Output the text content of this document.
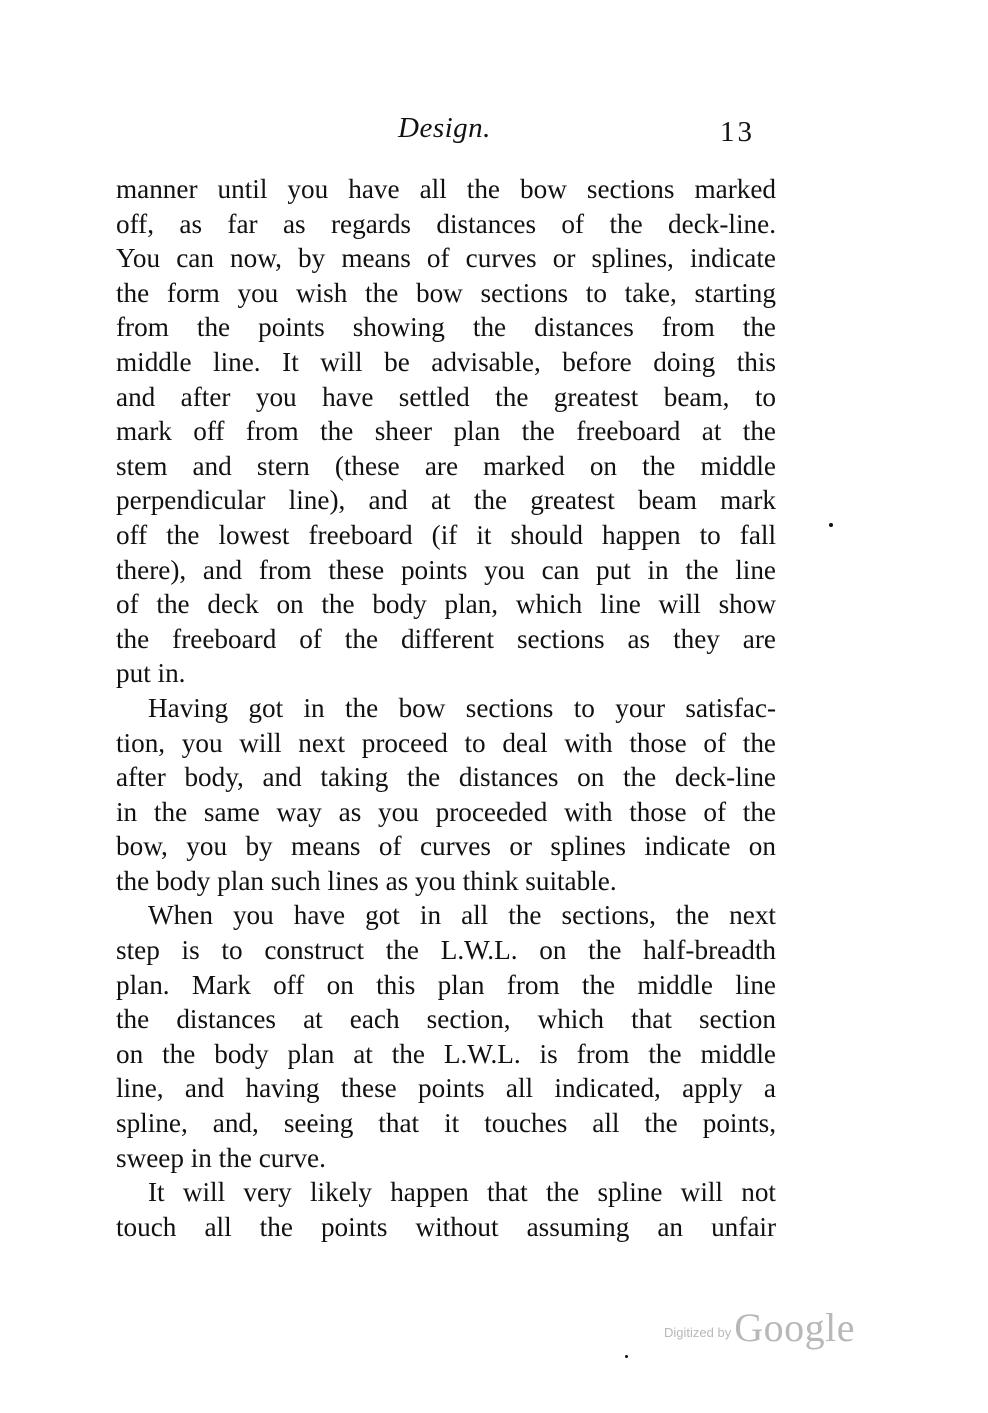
Design.	13
manner until you have all the bow sections marked
off, as far as regards distances of the deck-line.
You can now, by means of curves or splines, indicate
the form you wish the bow sections to take, starting
from the points showing the distances from the
middle line. It will be advisable, before doing this
and after you have settled the greatest beam, to
mark off from the sheer plan the freeboard at the
stem and stern (these are marked on the middle
perpendicular line), and at the greatest beam mark
off the lowest freeboard (if it should happen to fall
there), and from these points you can put in the line
of the deck on the body plan, which line will show
the freeboard of the different sections as they are
put in.
Having got in the bow sections to your satisfac-
tion, you will next proceed to deal with those of the
after body, and taking the distances on the deck-line
in the same way as you proceeded with those of the
bow, you by means of curves or splines indicate on
the body plan such lines as you think suitable.
When you have got in all the sections, the next
step is to construct the L.W.L. on the half-breadth
plan. Mark off on this plan from the middle line
the distances at each section, which that section
on the body plan at the L.W.L. is from the middle
line, and having these points all indicated, apply a
spline, and, seeing that it touches all the points,
sweep in the curve.
It will very likely happen that the spline will not
touch all the points without assuming an unfair
$^{Digitized by}$Google
